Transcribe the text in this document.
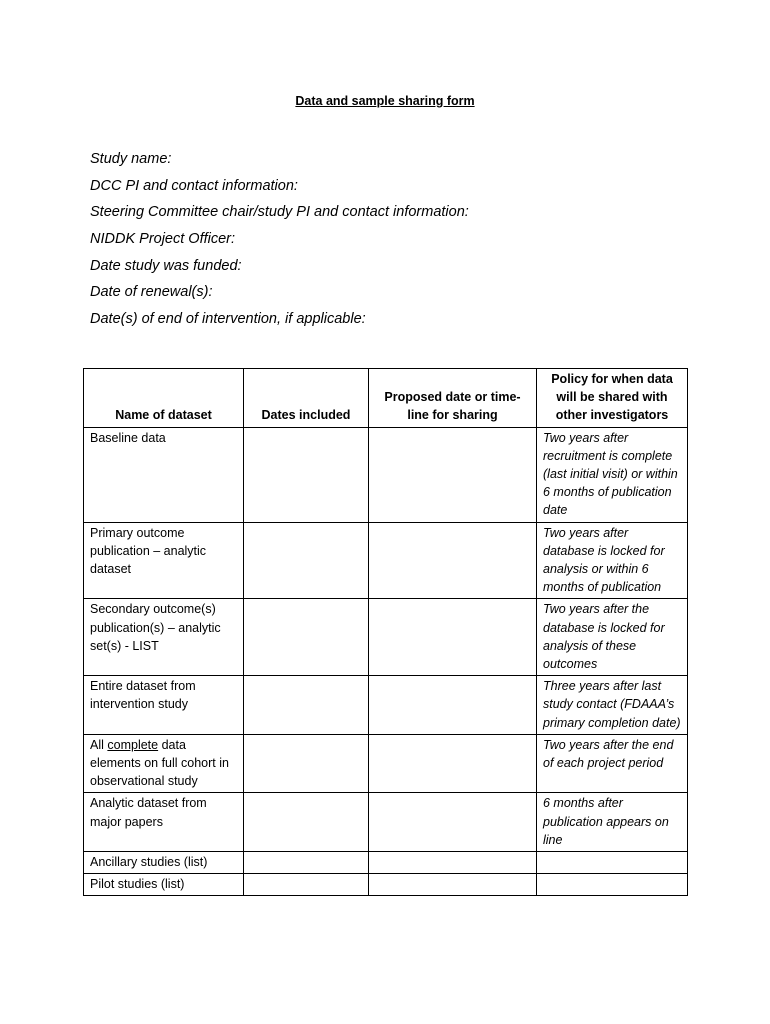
Data and sample sharing form
Study name:
DCC PI and contact information:
Steering Committee chair/study PI and contact information:
NIDDK Project Officer:
Date study was funded:
Date of renewal(s):
Date(s) of end of intervention, if applicable:
Name of dataset	Dates included	Proposed date or time-line for sharing	Policy for when data will be shared with other investigators
Baseline data			Two years after recruitment is complete (last initial visit) or within 6 months of publication date
Primary outcome publication – analytic dataset			Two years after database is locked for analysis or within 6 months of publication
Secondary outcome(s) publication(s) – analytic set(s) - LIST			Two years after the database is locked for analysis of these outcomes
Entire dataset from intervention study			Three years after last study contact (FDAAA’s primary completion date)
All complete data elements on full cohort in observational study			Two years after the end of each project period
Analytic dataset from major papers			6 months after publication appears on line
Ancillary studies (list)			
Pilot studies (list)			
